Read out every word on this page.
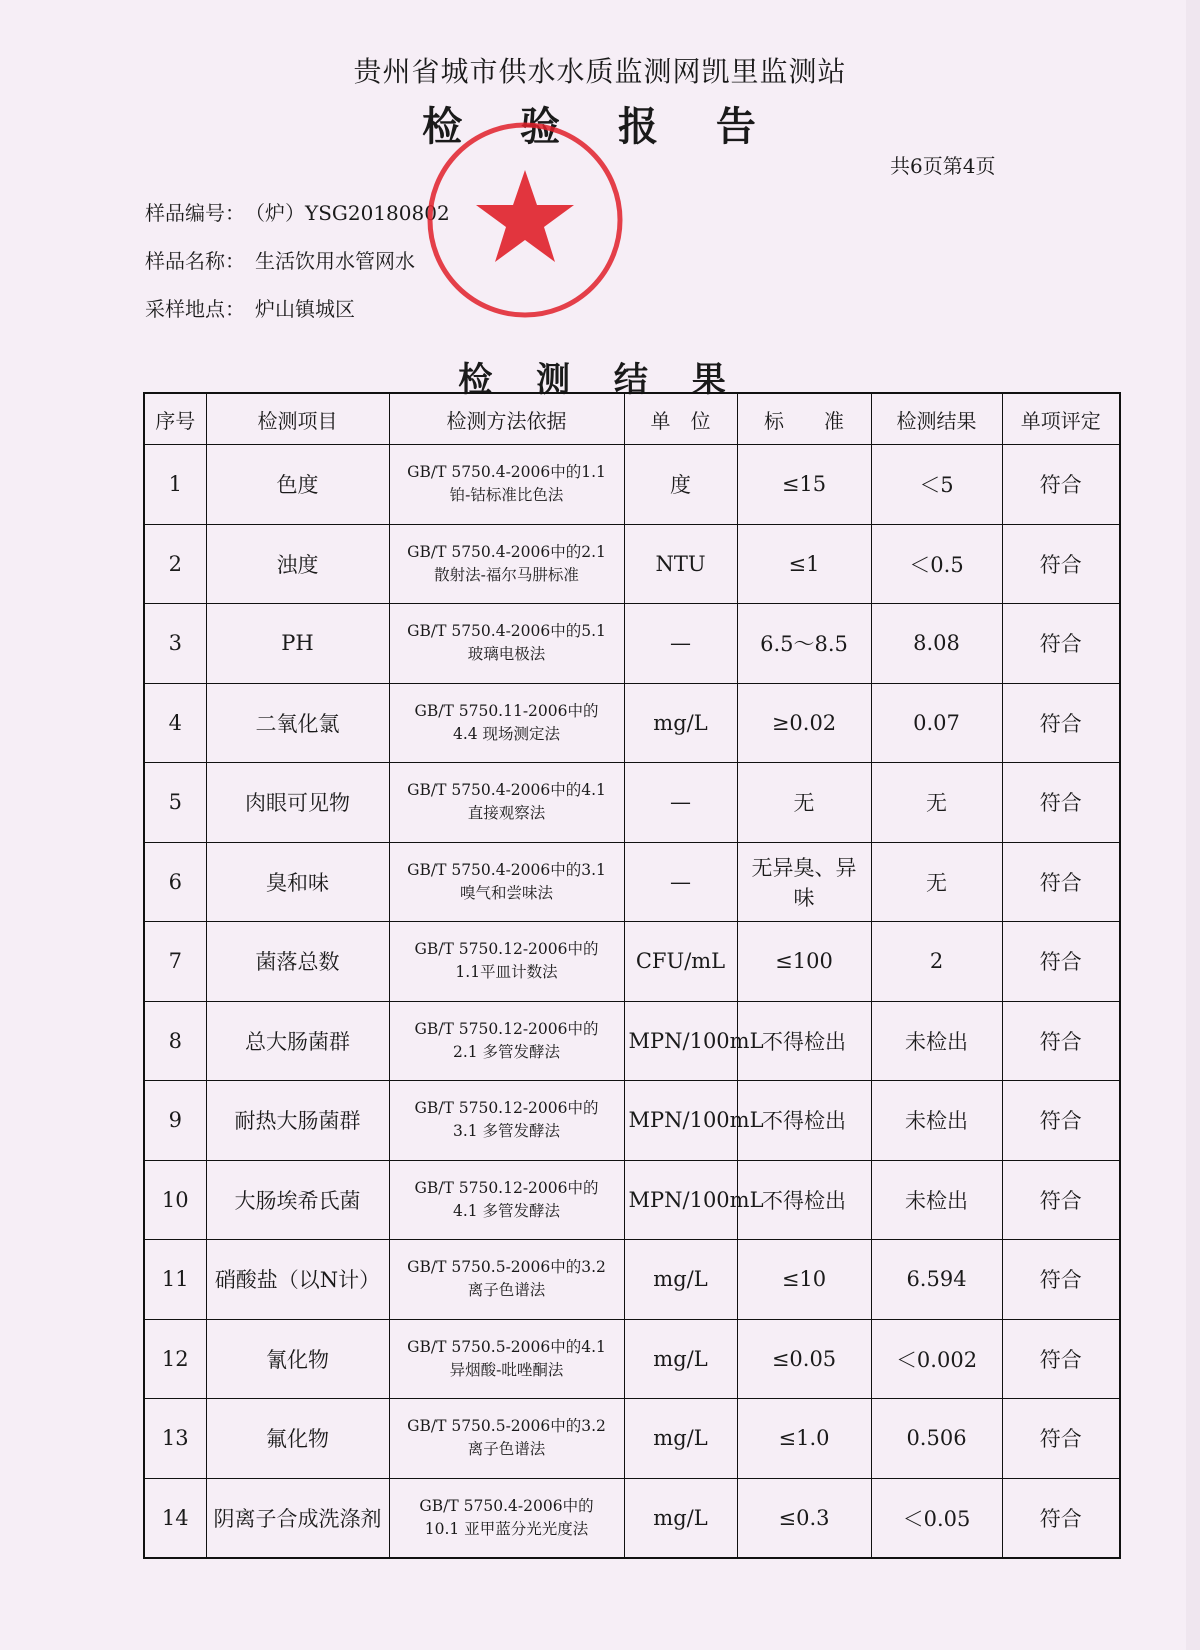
贵州省城市供水水质监测网凯里监测站
检 验 报 告
共6页第4页
样品编号： （炉）YSG20180802
样品名称： 生活饮用水管网水
采样地点： 炉山镇城区
检 测 结 果
序号	检测项目	检测方法依据	单　位	标　　准	检测结果	单项评定
1	色度	GB/T 5750.4-2006中的1.1
铂-钴标准比色法	度	≤15	＜5	符合
2	浊度	GB/T 5750.4-2006中的2.1
散射法-福尔马肼标准	NTU	≤1	＜0.5	符合
3	PH	GB/T 5750.4-2006中的5.1
玻璃电极法	—	6.5～8.5	8.08	符合
4	二氧化氯	GB/T 5750.11-2006中的
4.4 现场测定法	mg/L	≥0.02	0.07	符合
5	肉眼可见物	GB/T 5750.4-2006中的4.1
直接观察法	—	无	无	符合
6	臭和味	GB/T 5750.4-2006中的3.1
嗅气和尝味法	—	无异臭、异味	无	符合
7	菌落总数	GB/T 5750.12-2006中的
1.1平皿计数法	CFU/mL	≤100	2	符合
8	总大肠菌群	GB/T 5750.12-2006中的
2.1 多管发酵法	MPN/100mL	不得检出	未检出	符合
9	耐热大肠菌群	GB/T 5750.12-2006中的
3.1 多管发酵法	MPN/100mL	不得检出	未检出	符合
10	大肠埃希氏菌	GB/T 5750.12-2006中的
4.1 多管发酵法	MPN/100mL	不得检出	未检出	符合
11	硝酸盐（以N计）	GB/T 5750.5-2006中的3.2
离子色谱法	mg/L	≤10	6.594	符合
12	氰化物	GB/T 5750.5-2006中的4.1
异烟酸-吡唑酮法	mg/L	≤0.05	＜0.002	符合
13	氟化物	GB/T 5750.5-2006中的3.2
离子色谱法	mg/L	≤1.0	0.506	符合
14	阴离子合成洗涤剂	GB/T 5750.4-2006中的
10.1 亚甲蓝分光光度法	mg/L	≤0.3	＜0.05	符合
